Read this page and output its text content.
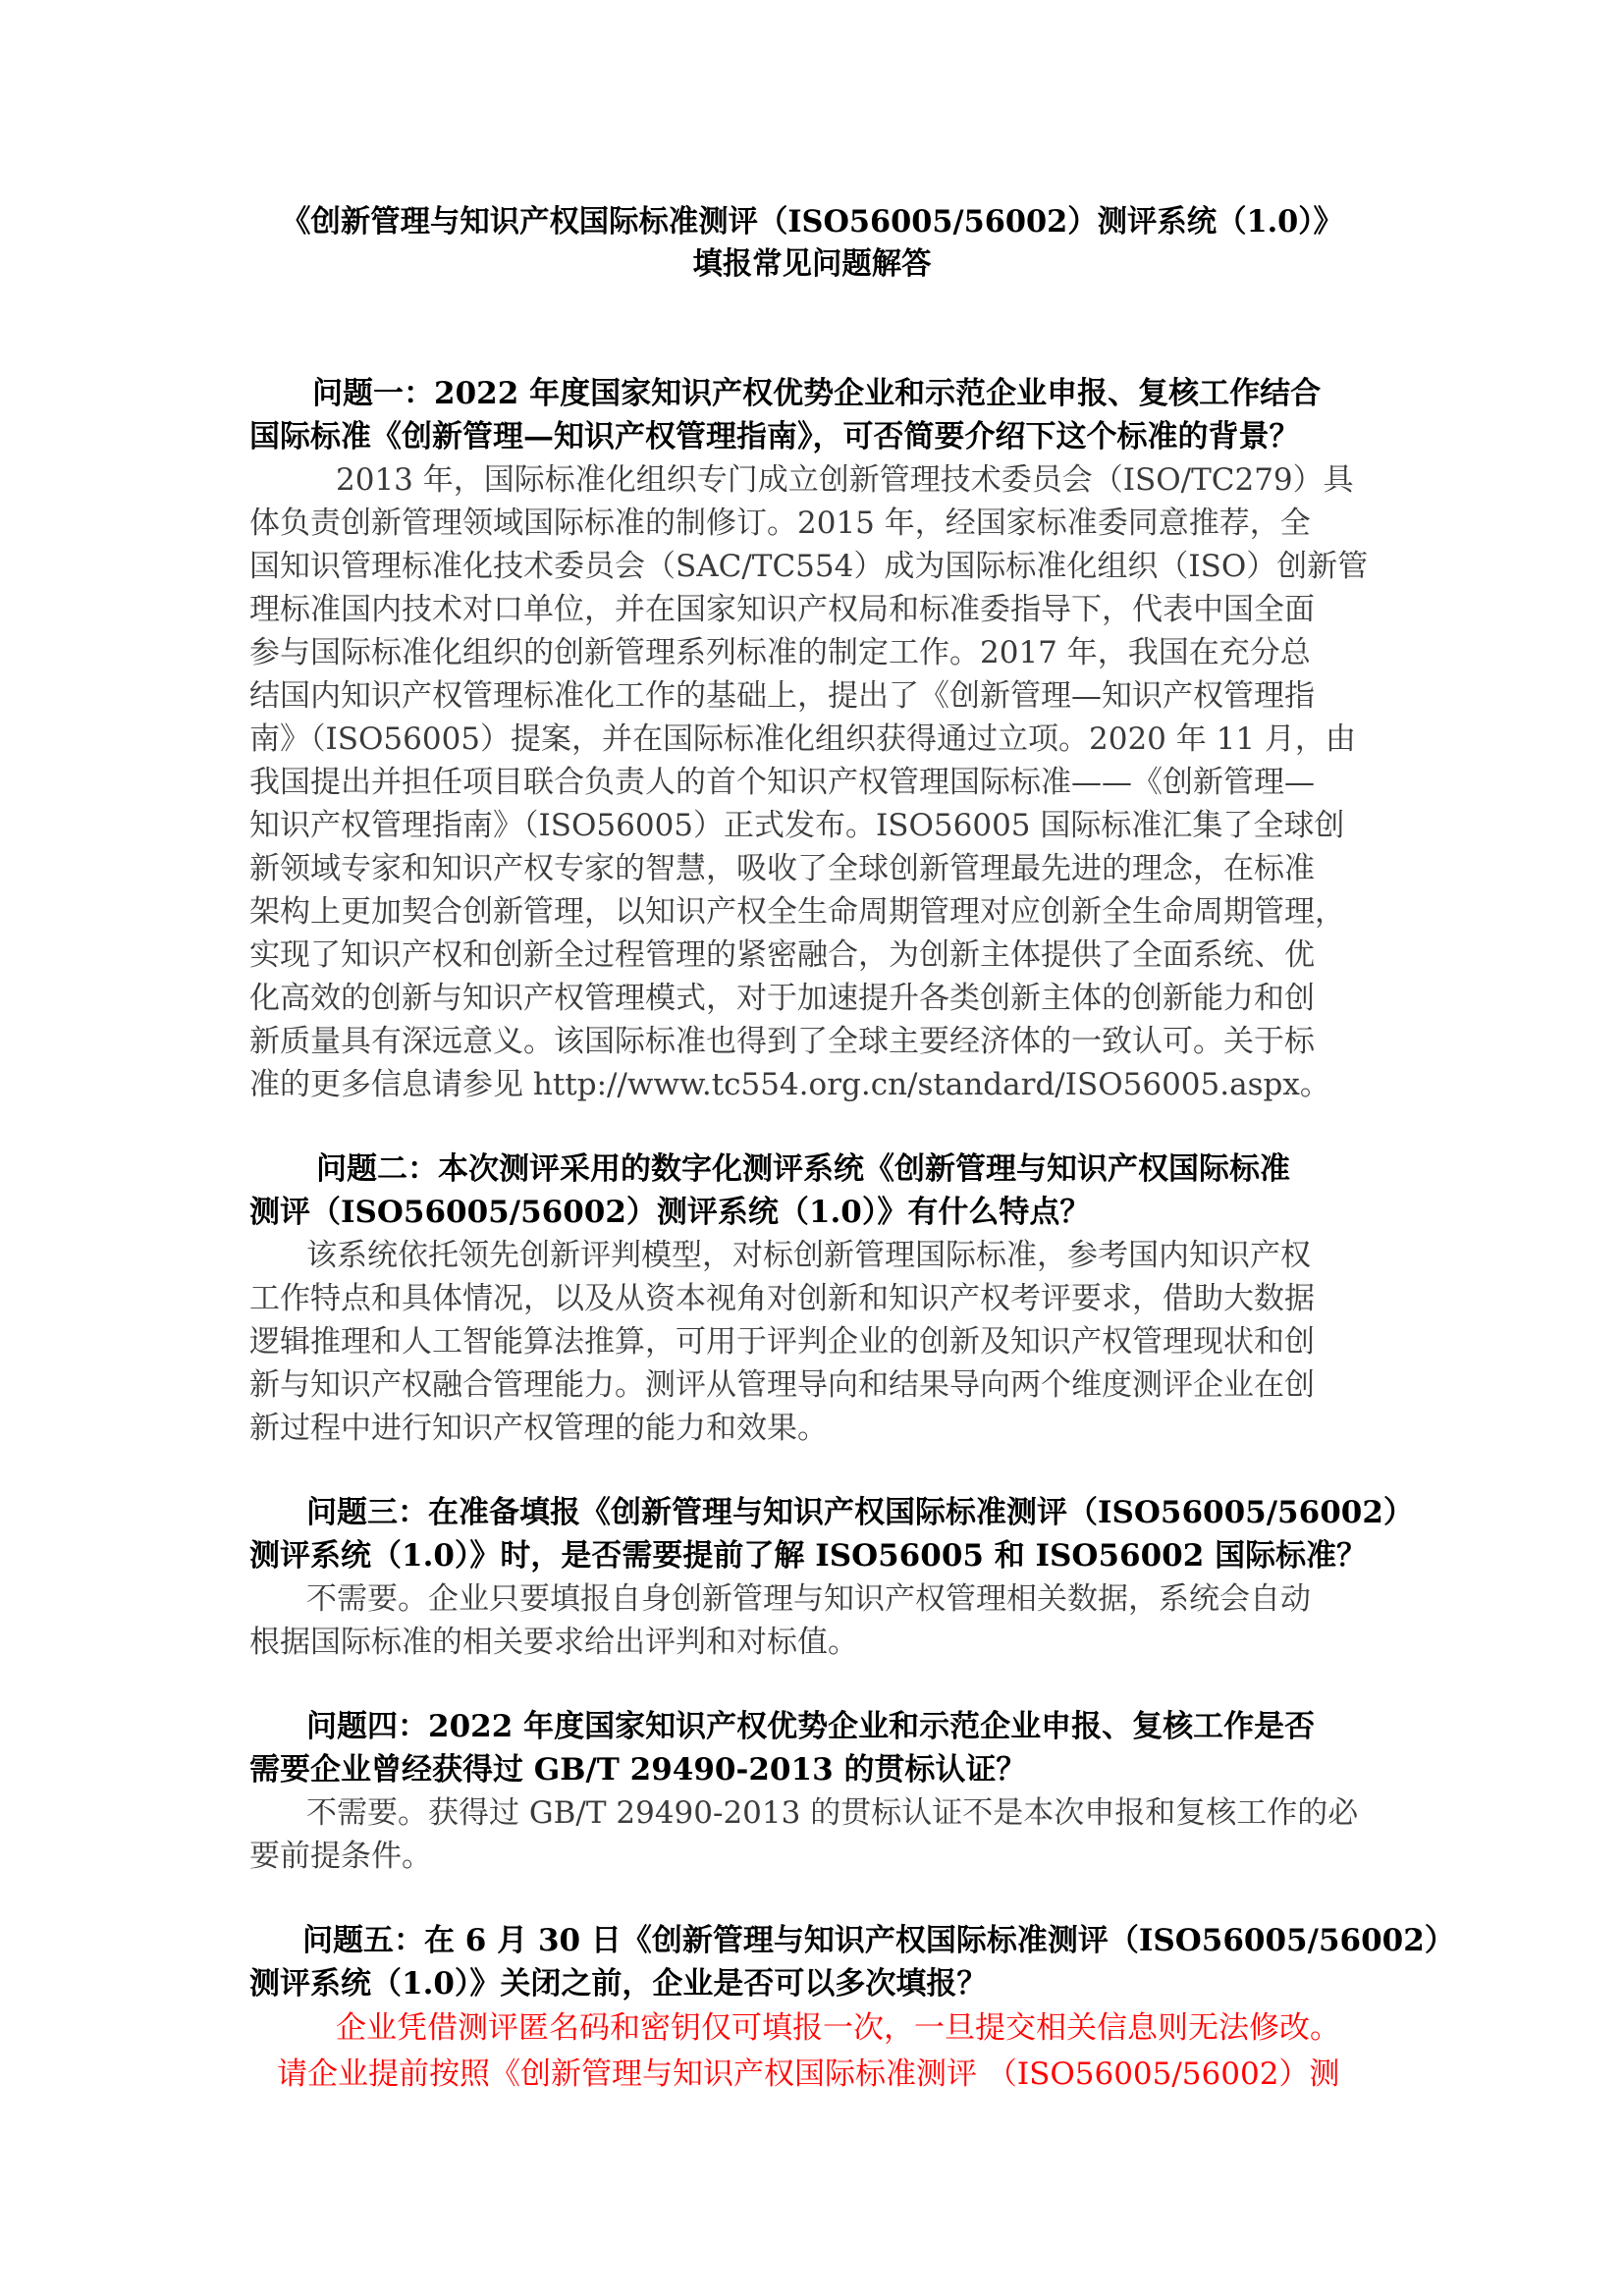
《创新管理与知识产权国际标准测评（ISO56005/56002）测评系统（1.0）》
填报常见问题解答
问题一：2022 年度国家知识产权优势企业和示范企业申报、复核工作结合
国际标准《创新管理—知识产权管理指南》，可否简要介绍下这个标准的背景？
2013 年，国际标准化组织专门成立创新管理技术委员会（ISO/TC279）具
体负责创新管理领域国际标准的制修订。2015 年，经国家标准委同意推荐，全
国知识管理标准化技术委员会（SAC/TC554）成为国际标准化组织（ISO）创新管
理标准国内技术对口单位，并在国家知识产权局和标准委指导下，代表中国全面
参与国际标准化组织的创新管理系列标准的制定工作。2017 年，我国在充分总
结国内知识产权管理标准化工作的基础上，提出了《创新管理—知识产权管理指
南》（ISO56005）提案，并在国际标准化组织获得通过立项。2020 年 11 月，由
我国提出并担任项目联合负责人的首个知识产权管理国际标准——《创新管理—
知识产权管理指南》（ISO56005）正式发布。ISO56005 国际标准汇集了全球创
新领域专家和知识产权专家的智慧，吸收了全球创新管理最先进的理念，在标准
架构上更加契合创新管理，以知识产权全生命周期管理对应创新全生命周期管理，
实现了知识产权和创新全过程管理的紧密融合，为创新主体提供了全面系统、优
化高效的创新与知识产权管理模式，对于加速提升各类创新主体的创新能力和创
新质量具有深远意义。该国际标准也得到了全球主要经济体的一致认可。关于标
准的更多信息请参见 http://www.tc554.org.cn/standard/ISO56005.aspx。
问题二：本次测评采用的数字化测评系统《创新管理与知识产权国际标准
测评（ISO56005/56002）测评系统（1.0）》有什么特点？
该系统依托领先创新评判模型，对标创新管理国际标准，参考国内知识产权
工作特点和具体情况，以及从资本视角对创新和知识产权考评要求，借助大数据
逻辑推理和人工智能算法推算，可用于评判企业的创新及知识产权管理现状和创
新与知识产权融合管理能力。测评从管理导向和结果导向两个维度测评企业在创
新过程中进行知识产权管理的能力和效果。
问题三：在准备填报《创新管理与知识产权国际标准测评（ISO56005/56002）
测评系统（1.0）》时，是否需要提前了解 ISO56005 和 ISO56002 国际标准？
不需要。企业只要填报自身创新管理与知识产权管理相关数据，系统会自动
根据国际标准的相关要求给出评判和对标值。
问题四：2022 年度国家知识产权优势企业和示范企业申报、复核工作是否
需要企业曾经获得过 GB/T 29490-2013 的贯标认证？
不需要。获得过 GB/T 29490-2013 的贯标认证不是本次申报和复核工作的必
要前提条件。
问题五：在 6 月 30 日《创新管理与知识产权国际标准测评（ISO56005/56002）
测评系统（1.0）》关闭之前，企业是否可以多次填报？
企业凭借测评匿名码和密钥仅可填报一次，一旦提交相关信息则无法修改。
请企业提前按照《创新管理与知识产权国际标准测评 （ISO56005/56002）测
